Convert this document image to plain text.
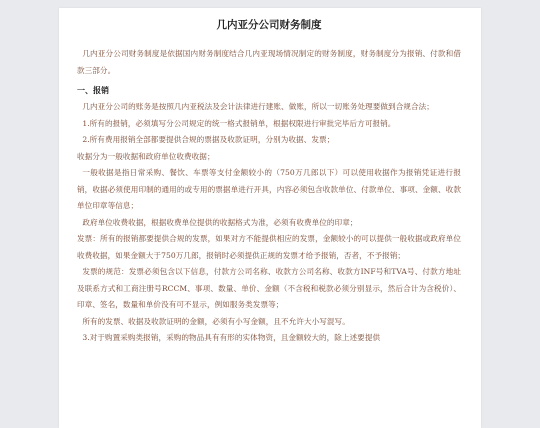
几内亚分公司财务制度

几内亚分公司财务制度是依据国内财务制度结合几内亚现场情况制定的财务制度，财务制度分为报销、付款和借款三部分。

一、报销

几内亚分公司的账务是按照几内亚税法及会计法律进行建账、做账，所以一切账务处理要做到合规合法；

1.所有的报销，必须填写分公司规定的统一格式报销单，根据权限进行审批完毕后方可报销。

2.所有费用报销全部都要提供合规的票据及收款证明，分别为收据、发票；

收据分为一般收据和政府单位收费收据；

一般收据是指日常采购、餐饮、车票等支付金额较小的（750万几郎以下）可以使用收据作为报销凭证进行报销，收据必须使用印制的通用的或专用的票据单进行开具，内容必须包含收款单位、付款单位、事项、金额、收款单位印章等信息；

政府单位收费收据，根据收费单位提供的收据格式为准，必须有收费单位的印章；

发票：所有的报销都要提供合规的发票，如果对方不能提供相应的发票，金额较小的可以提供一般收据或政府单位收费收据，如果金额大于750万几郎，报销时必须提供正规的发票才给予报销，否者，不予报销；

发票的规范：发票必须包含以下信息，付款方公司名称、收款方公司名称、收款方INF号和TVA号、付款方地址及联系方式和工商注册号RCCM、事项、数量、单价、金额（不含税和税款必须分别显示，然后合计为含税价）、印章、签名，数量和单价没有可不显示，例如服务类发票等；

所有的发票、收据及收款证明的金额，必须有小写金额，且不允许大小写混写。

3.对于购置采购类报销，采购的物品具有有形的实体物资，且金额较大的，除上述要提供
